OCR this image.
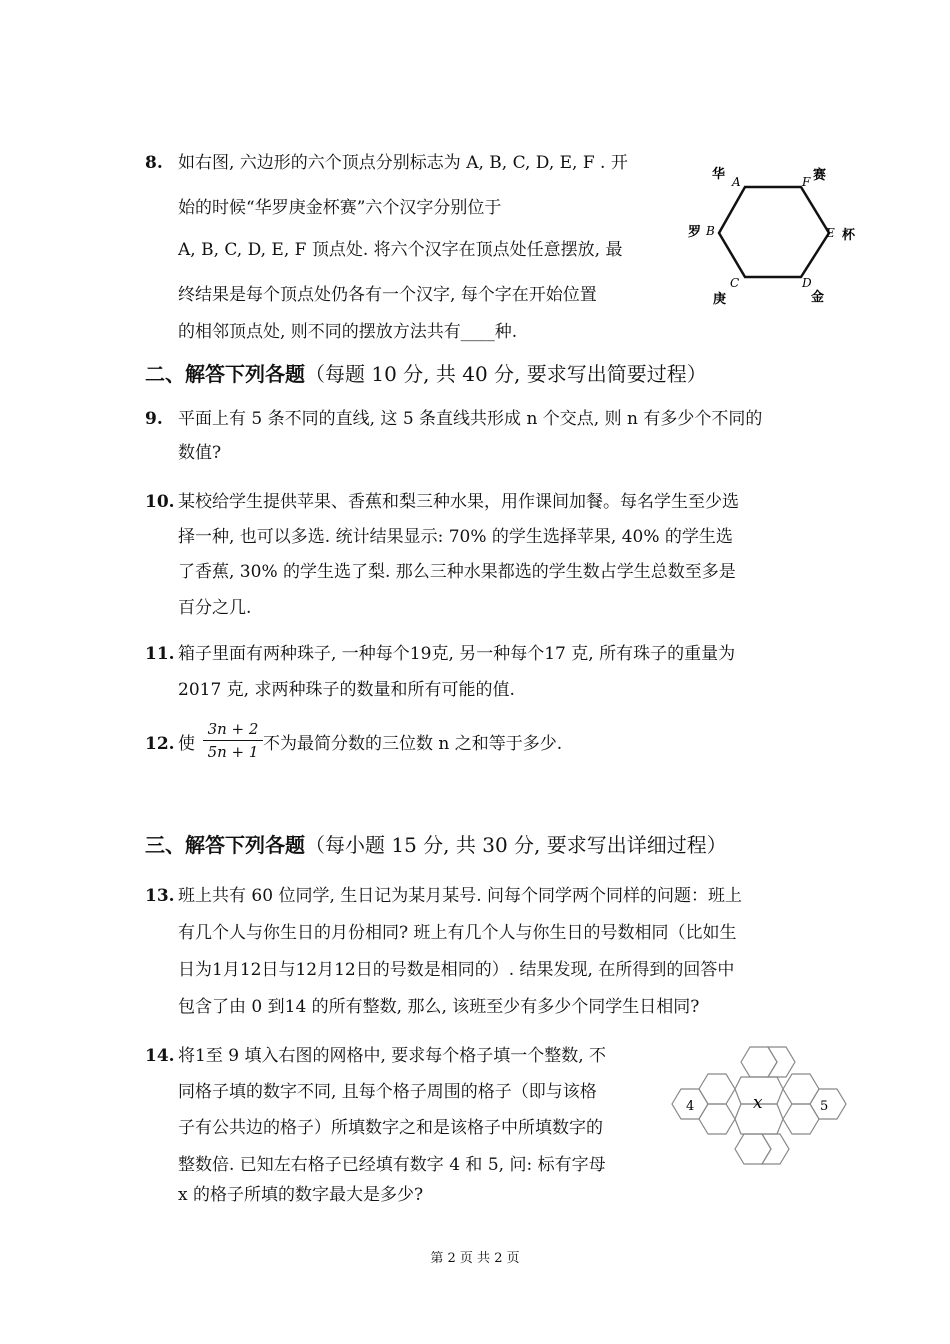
8. 如右图, 六边形的六个顶点分别标志为 A, B, C, D, E, F . 开
始的时候“华罗庚金杯赛”六个汉字分别位于
A, B, C, D, E, F 顶点处. 将六个汉字在顶点处任意摆放, 最
终结果是每个顶点处仍各有一个汉字, 每个字在开始位置
的相邻顶点处, 则不同的摆放方法共有____种.
A
B
C	D
E
F
华
罗
庚	金
杯
赛
二、解答下列各题（每题 10 分, 共 40 分, 要求写出简要过程）
9. 平面上有 5 条不同的直线, 这 5 条直线共形成 n 个交点, 则 n 有多少个不同的
数值?
10. 某校给学生提供苹果、香蕉和梨三种水果，用作课间加餐。每名学生至少选
择一种, 也可以多选. 统计结果显示: 70% 的学生选择苹果, 40% 的学生选
了香蕉, 30% 的学生选了梨. 那么三种水果都选的学生数占学生总数至多是
百分之几.
11. 箱子里面有两种珠子, 一种每个19克, 另一种每个17 克, 所有珠子的重量为
2017 克, 求两种珠子的数量和所有可能的值.
12. 使
3n + 2
5n + 1 不为最简分数的三位数 n 之和等于多少.
三、解答下列各题（每小题 15 分, 共 30 分, 要求写出详细过程）
13. 班上共有 60 位同学, 生日记为某月某号. 问每个同学两个同样的问题：班上
有几个人与你生日的月份相同? 班上有几个人与你生日的号数相同（比如生
日为1月12日与12月12日的号数是相同的）. 结果发现, 在所得到的回答中
包含了由 0 到14 的所有整数, 那么, 该班至少有多少个同学生日相同?
14. 将1至 9 填入右图的网格中, 要求每个格子填一个整数, 不
同格子填的数字不同, 且每个格子周围的格子（即与该格
子有公共边的格子）所填数字之和是该格子中所填数字的
整数倍. 已知左右格子已经填有数字 4 和 5, 问: 标有字母
x 的格子所填的数字最大是多少?
4	x	5
第 2 页 共 2 页
